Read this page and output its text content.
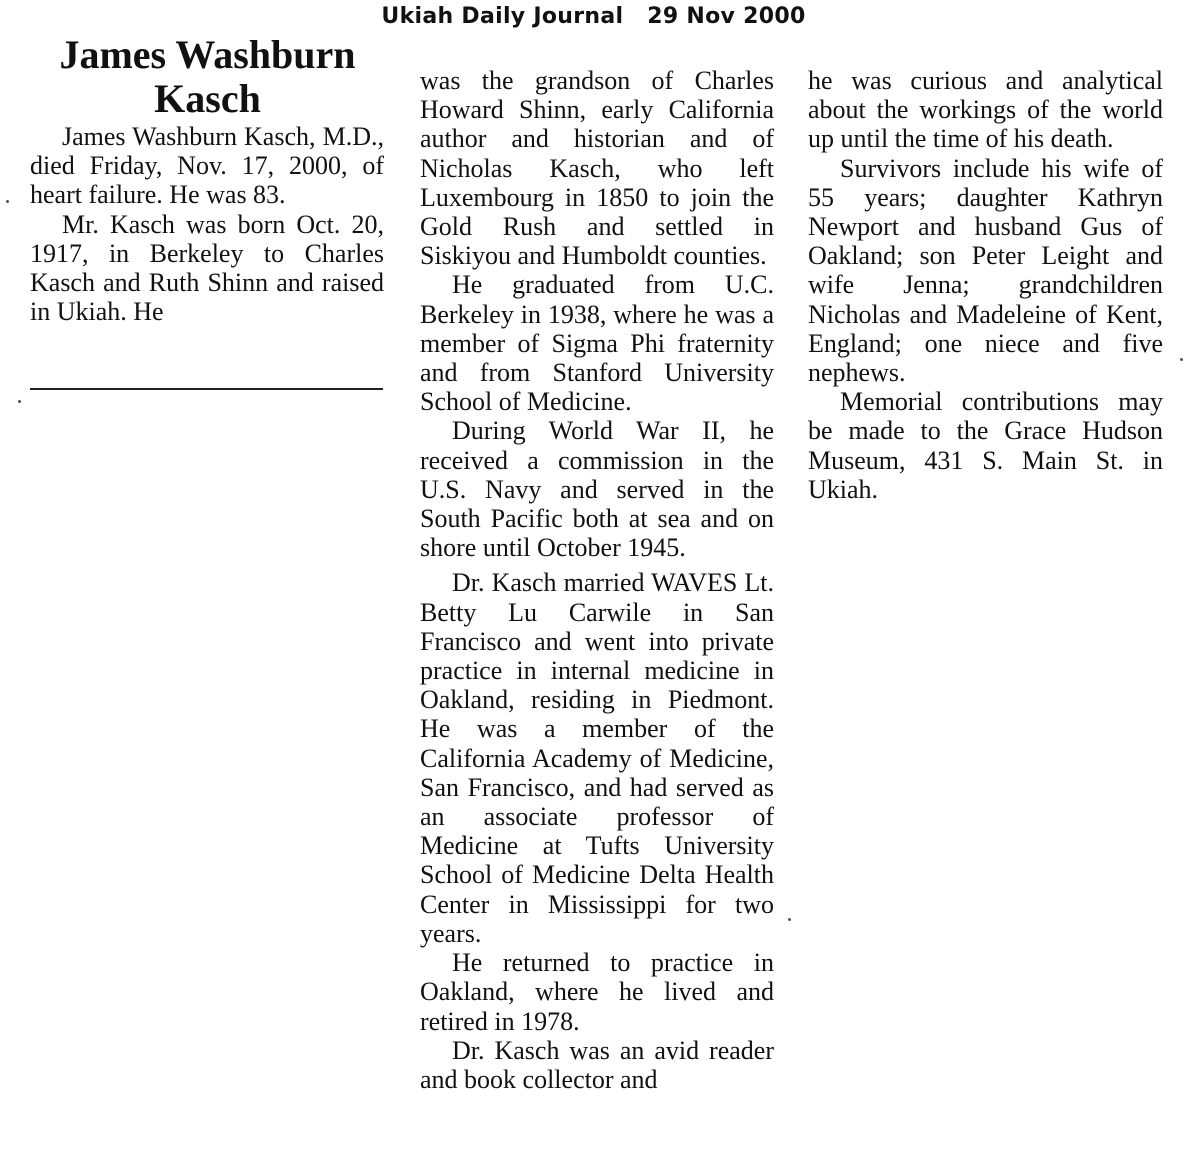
Ukiah Daily Journal 29 Nov 2000
James Washburn
Kasch

James Washburn Kasch, M.D., died Friday, Nov. 17, 2000, of heart failure. He was 83.

Mr. Kasch was born Oct. 20, 1917, in Berkeley to Charles Kasch and Ruth Shinn and raised in Ukiah. He

was the grandson of Charles Howard Shinn, early California author and historian and of Nicholas Kasch, who left Luxembourg in 1850 to join the Gold Rush and settled in Siskiyou and Humboldt counties.

He graduated from U.C. Berkeley in 1938, where he was a member of Sigma Phi fraternity and from Stanford University School of Medicine.

During World War II, he received a commission in the U.S. Navy and served in the South Pacific both at sea and on shore until October 1945.

Dr. Kasch married WAVES Lt. Betty Lu Carwile in San Francisco and went into private practice in internal medicine in Oakland, residing in Piedmont. He was a member of the California Academy of Medicine, San Francisco, and had served as an associate professor of Medicine at Tufts University School of Medicine Delta Health Center in Mississippi for two years.

He returned to practice in Oakland, where he lived and retired in 1978.

Dr. Kasch was an avid reader and book collector and

he was curious and analytical about the workings of the world up until the time of his death.

Survivors include his wife of 55 years; daughter Kathryn Newport and husband Gus of Oakland; son Peter Leight and wife Jenna; grandchildren Nicholas and Madeleine of Kent, England; one niece and five nephews.

Memorial contributions may be made to the Grace Hudson Museum, 431 S. Main St. in Ukiah.
